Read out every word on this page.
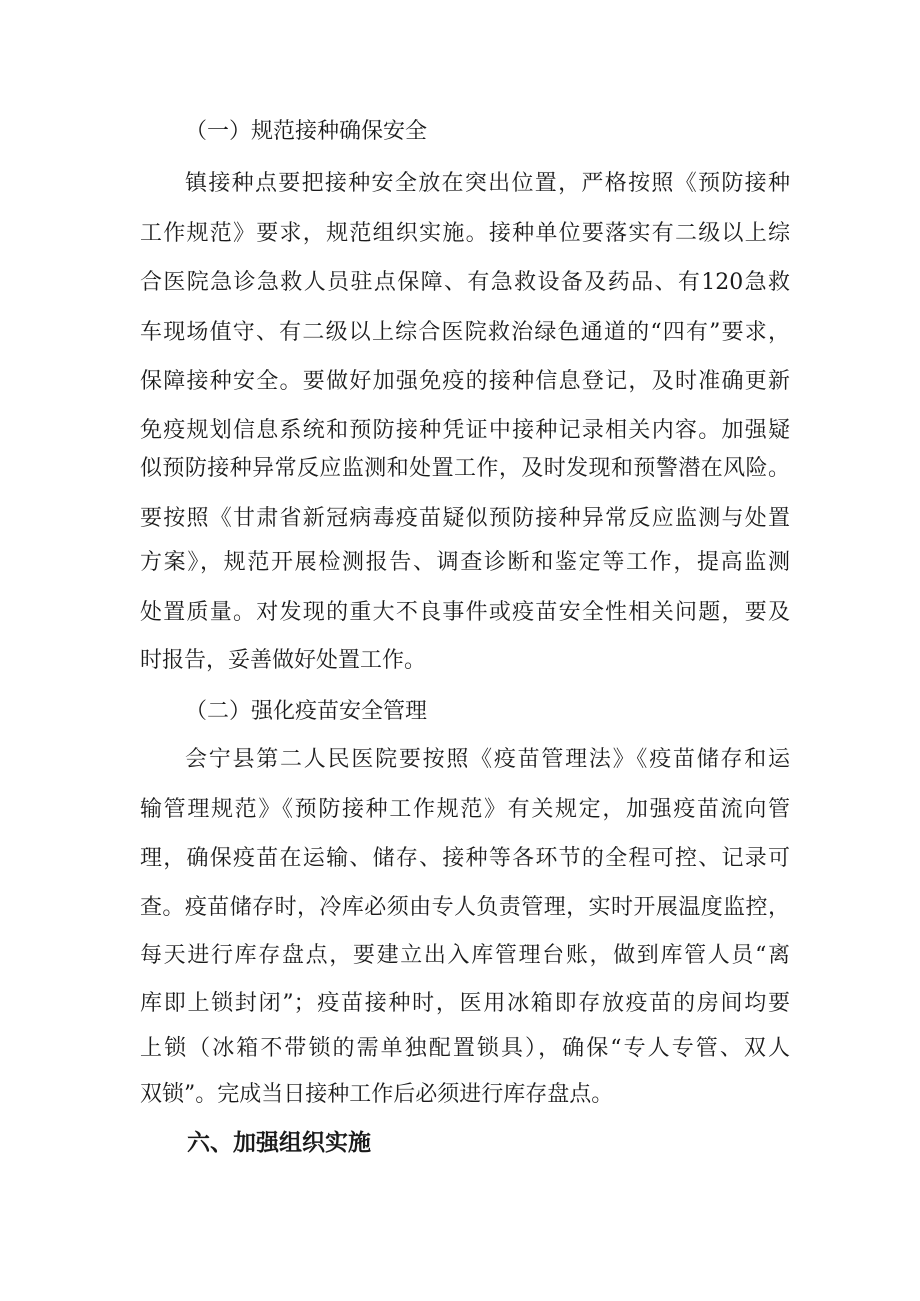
（一）规范接种确保安全
镇接种点要把接种安全放在突出位置，严格按照《预防接种
工作规范》要求，规范组织实施。接种单位要落实有二级以上综
合医院急诊急救人员驻点保障、有急救设备及药品、有120急救
车现场值守、有二级以上综合医院救治绿色通道的“四有”要求，
保障接种安全。要做好加强免疫的接种信息登记，及时准确更新
免疫规划信息系统和预防接种凭证中接种记录相关内容。加强疑
似预防接种异常反应监测和处置工作，及时发现和预警潜在风险。
要按照《甘肃省新冠病毒疫苗疑似预防接种异常反应监测与处置
方案》，规范开展检测报告、调查诊断和鉴定等工作，提高监测
处置质量。对发现的重大不良事件或疫苗安全性相关问题，要及
时报告，妥善做好处置工作。
（二）强化疫苗安全管理
会宁县第二人民医院要按照《疫苗管理法》《疫苗储存和运
输管理规范》《预防接种工作规范》有关规定，加强疫苗流向管
理，确保疫苗在运输、储存、接种等各环节的全程可控、记录可
查。疫苗储存时，冷库必须由专人负责管理，实时开展温度监控，
每天进行库存盘点，要建立出入库管理台账，做到库管人员“离
库即上锁封闭”；疫苗接种时，医用冰箱即存放疫苗的房间均要
上锁（冰箱不带锁的需单独配置锁具），确保“专人专管、双人
双锁”。完成当日接种工作后必须进行库存盘点。
六、加强组织实施
